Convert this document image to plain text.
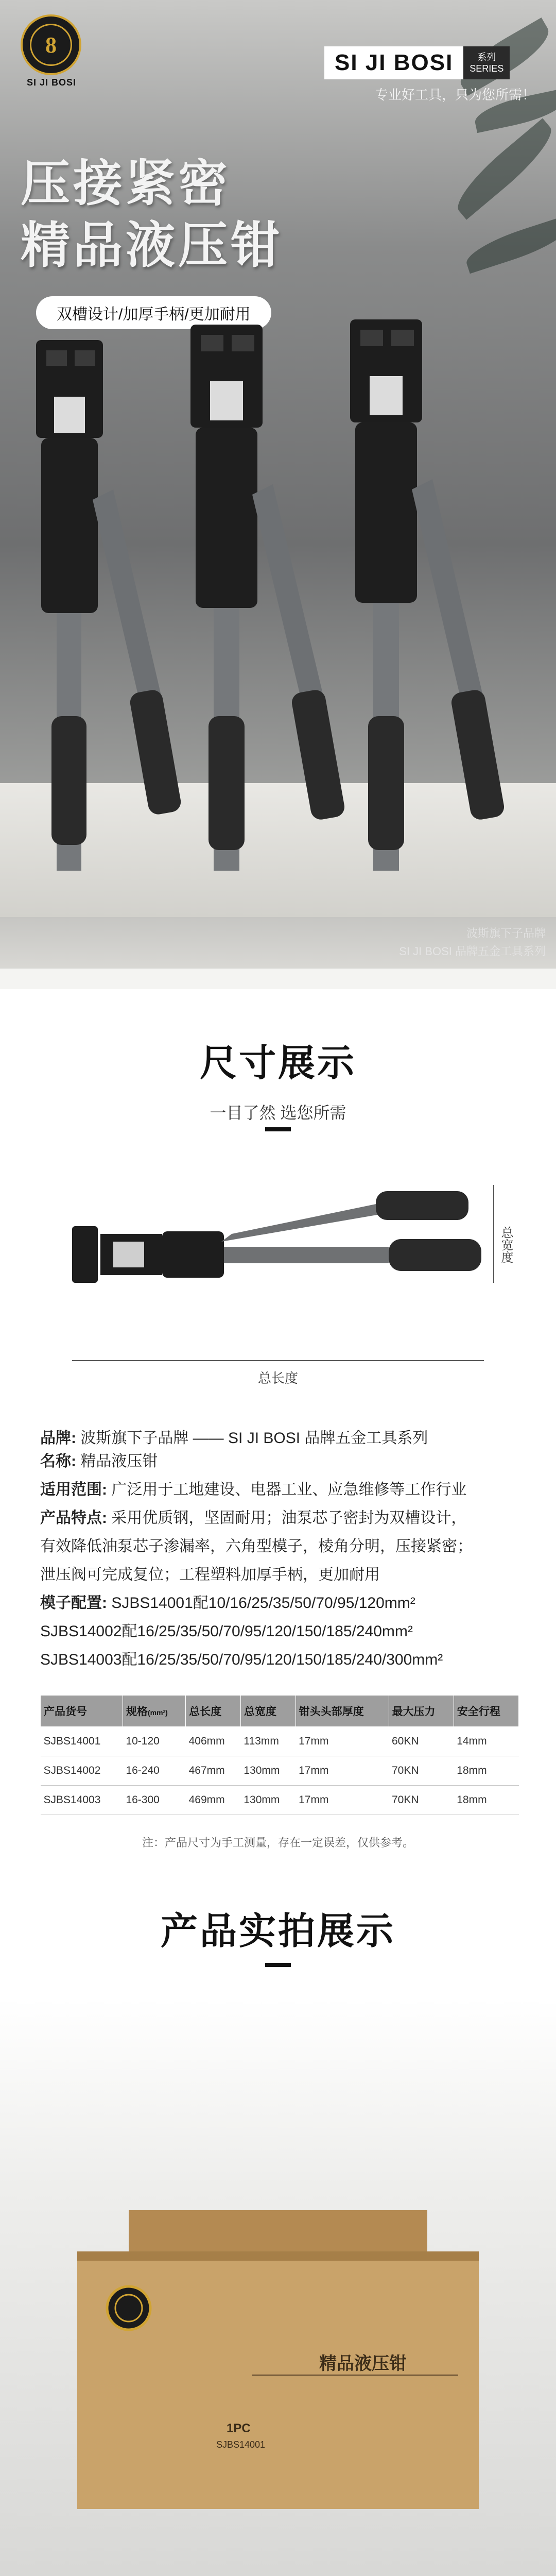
8
SI JI BOSI
SI JI BOSI	系列
SERIES
专业好工具，只为您所需！
压接紧密
精品液压钳
双槽设计/加厚手柄/更加耐用
波斯旗下子品牌
SI JI BOSI 品牌五金工具系列
尺寸展示
一目了然 选您所需
总宽度
总长度
品牌: 波斯旗下子品牌 —— SI JI BOSI 品牌五金工具系列
名称: 精品液压钳
适用范围: 广泛用于工地建设、电器工业、应急维修等工作行业
产品特点: 采用优质钢，坚固耐用；油泵芯子密封为双槽设计，
有效降低油泵芯子渗漏率，六角型模子，棱角分明，压接紧密；
泄压阀可完成复位；工程塑料加厚手柄，更加耐用
模子配置: SJBS14001配10/16/25/35/50/70/95/120mm²
SJBS14002配16/25/35/50/70/95/120/150/185/240mm²
SJBS14003配16/25/35/50/70/95/120/150/185/240/300mm²
产品货号	规格(mm²)	总长度	总宽度	钳头头部厚度	最大压力	安全行程
SJBS14001	10-120	406mm	113mm	17mm	60KN	14mm
SJBS14002	16-240	467mm	130mm	17mm	70KN	18mm
SJBS14003	16-300	469mm	130mm	17mm	70KN	18mm
注：产品尺寸为手工测量，存在一定误差，仅供参考。
产品实拍展示
精品液压钳
1PC
SJBS14001
